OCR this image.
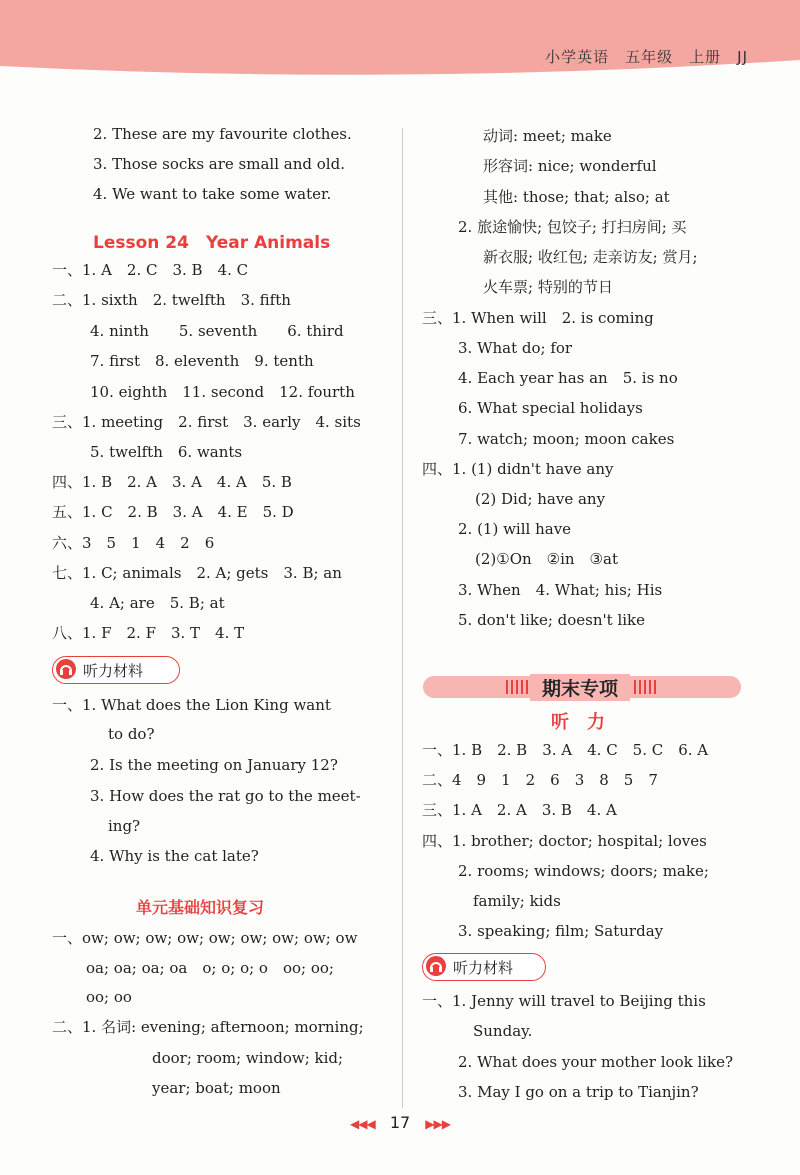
小学英语　五年级　上册　JJ
2. These are my favourite clothes.
3. Those socks are small and old.
4. We want to take some water.
Lesson 24　Year Animals
一、1. A　2. C　3. B　4. C
二、1. sixth　2. twelfth　3. fifth
4. ninth　　5. seventh　　6. third
7. first　8. eleventh　9. tenth
10. eighth　11. second　12. fourth
三、1. meeting　2. first　3. early　4. sits
5. twelfth　6. wants
四、1. B　2. A　3. A　4. A　5. B
五、1. C　2. B　3. A　4. E　5. D
六、3　5　1　4　2　6
七、1. C; animals　2. A; gets　3. B; an
4. A; are　5. B; at
八、1. F　2. F　3. T　4. T
听力材料
一、1. What does the Lion King want
to do?
2. Is the meeting on January 12?
3. How does the rat go to the meet-
ing?
4. Why is the cat late?
单元基础知识复习
一、ow; ow; ow; ow; ow; ow; ow; ow; ow
oa; oa; oa; oa　o; o; o; o　oo; oo;
oo; oo
二、1. 名词: evening; afternoon; morning;
door; room; window; kid;
year; boat; moon
动词: meet; make
形容词: nice; wonderful
其他: those; that; also; at
2. 旅途愉快; 包饺子; 打扫房间; 买
新衣服; 收红包; 走亲访友; 赏月;
火车票; 特别的节日
三、1. When will　2. is coming
3. What do; for
4. Each year has an　5. is no
6. What special holidays
7. watch; moon; moon cakes
四、1. (1) didn't have any
(2) Did; have any
2. (1) will have
(2)①On　②in　③at
3. When　4. What; his; His
5. don't like; doesn't like
期末专项
听　力
一、1. B　2. B　3. A　4. C　5. C　6. A
二、4　9　1　2　6　3　8　5　7
三、1. A　2. A　3. B　4. A
四、1. brother; doctor; hospital; loves
2. rooms; windows; doors; make;
family; kids
3. speaking; film; Saturday
听力材料
一、1. Jenny will travel to Beijing this
Sunday.
2. What does your mother look like?
3. May I go on a trip to Tianjin?
◀◀◀ 17 ▶▶▶
